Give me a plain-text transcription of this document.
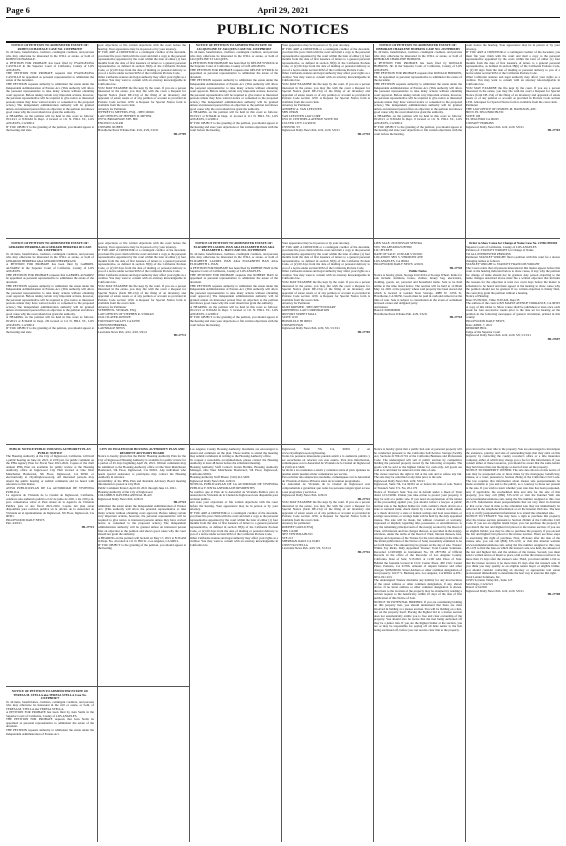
Page 6	April 29, 2021
PUBLIC NOTICES

NOTICE OF PETITION TO ADMINISTER ESTATE OF: RUBEN OCHAMALE CASE NO. 21STPB02947

To all heirs, beneficiaries, creditors, contingent creditors, and persons who may otherwise be interested in the WILL or estate, or both of RUBEN OCHAMALE.
A PETITION FOR PROBATE has been filed by EVANGELINA CASTILLO in the Superior Court of California, County of LOS ANGELES.
THE PETITION FOR PROBATE requests that EVANGELINA CASTILLO be appointed as personal representative to administer the estate of the decedent.
THE PETITION requests authority to administer the estate under the Independent Administration of Estates Act. (This authority will allow the personal representative to take many actions without obtaining court approval. Before taking certain very important actions, however, the personal representative will be required to give notice to interested persons unless they have waived notice or consented to the proposed action.) The independent administration authority will be granted unless an interested person files an objection to the petition and shows good cause why the court should not grant the authority.
A HEARING on the petition will be held in this court as follows: 05/14/21 at 8:30AM in Dept. 4 located at 111 N. HILL ST., LOS ANGELES, CA 90012
IF YOU OBJECT to the granting of the petition, you should appear at the hearing and state

your objections or file written objections with the court before the hearing. Your appearance may be in person or by your attorney.
IF YOU ARE A CREDITOR or a contingent creditor of the decedent, you must file your claim with the court and mail a copy to the personal representative appointed by the court within the later of either (1) four months from the date of first issuance of letters to a general personal representative, as defined in section 58(b) of the California Probate Code, or (2) 60 days from the date of mailing or personal delivery to you of a notice under section 9052 of the California Probate Code.
Other California statutes and legal authority may affect your rights as a creditor. You may want to consult with an attorney knowledgeable in California law.
YOU MAY EXAMINE the file kept by the court. If you are a person interested in the estate, you may file with the court a Request for Special Notice (form DE-154) of the filing of an inventory and appraisal of estate assets or of any petition or account as provided in Probate Code section 1250. A Request for Special Notice form is available from the court clerk.
Attorney for Petitioner
JEFFREY D. MEYERS, ESQ. - SBN 106021
LAW OFFICES OF JEFFREY D. MEYER
970 W. BROADWAY STE. 800
ENCINO CA 91436
CN954851 RUBEN
Hawthorne Press Tribune Pub. 4/22, 4/29, 5/6/21

HI-27709

NOTICE OF PETITION TO ADMINISTER ESTATE OF JACQUELINE ST JACQUES CASE NO. 21STPB03467

To all heirs, beneficiaries, creditors, contingent creditors, and persons who may otherwise be interested in the WILL or estate, or both of JACQUELINE ST JACQUES.
A PETITION FOR PROBATE has been filed by DELISE WYRICK in the Superior Court of California, County of LOS ANGELES.
THE PETITION FOR PROBATE requests that DELISE WYRICK be appointed as personal representative to administer the estate of the decedent.
THE PETITION requests authority to administer the estate under the Independent Administration of Estates Act. (This authority will allow the personal representative to take many actions without obtaining court approval. Before taking certain very important actions, however, the personal representative will be required to give notice to interested persons unless they have waived notice or consented to the proposed action.) The independent administration authority will be granted unless an interested person files an objection to the petition and shows good cause why the court should not grant the authority.
A HEARING on the petition will be held in this court as follows: 05/19/21 at 8:30AM in Dept. 11 located at 111 N. HILL ST., LOS ANGELES, CA 90012
IF YOU OBJECT to the granting of the petition, you should appear at the hearing and state your objections or file written objections with the court before the hearing.

Your appearance may be in person or by your attorney.
IF YOU ARE A CREDITOR or a contingent creditor of the decedent, you must file your claim with the court and mail a copy to the personal representative appointed by the court within the later of either (1) four months from the date of first issuance of letters to a general personal representative, as defined in section 58(b) of the California Probate Code, or (2) 60 days from the date of mailing or personal delivery to you of a notice under section 9052 of the California Probate Code.
Other California statutes and legal authority may affect your rights as a creditor. You may want to consult with an attorney knowledgeable in California law.
YOU MAY EXAMINE the file kept by the court. If you are a person interested in the estate, you may file with the court a Request for Special Notice (form DE-154) of the filing of an inventory and appraisal of estate assets or of any petition or account as provided in Probate Code section 1250. A Request for Special Notice form is available from the court clerk.
Attorney for Petitioner
ANDREW A. VAN LEEUWEN
SBN 183629
VAN LEEUWEN LAW CORP
6701 W. CENTINELA AVENUE SUITE 302
CULVER CITY CA 90230
CN955591 ST
Inglewood Daily News Pub. 4/22, 4/29, 5/6/21

HI-27710

NOTICE OF PETITION TO ADMINISTER ESTATE OF: DEBORAH CHARLENE HOPKINS CASE NO. 21STPB03495

To all heirs, beneficiaries, creditors, contingent creditors, and persons who may otherwise be interested in the WILL or estate, or both of DEBORAH CHARLENE HOPKINS.
A PETITION FOR PROBATE has been filed by RONALD HOPKINS, JR. in the Superior Court of California, County of LOS ANGELES.
THE PETITION FOR PROBATE requests that RONALD HOPKINS, JR. be appointed as personal representative to administer the estate of the decedent.
THE PETITION requests authority to administer the estate under the Independent Administration of Estates Act. (This authority will allow the personal representative to take many actions without obtaining court approval. Before taking certain very important actions, however, the personal representative will be required to give notice to interested persons unless they have waived notice or consented to the proposed action.) The independent administration authority will be granted unless an interested person files an objection to the petition and shows good cause why the court should not grant the authority.
A HEARING on the petition will be held in this court as follows: 05/20/21 at 8:30AM in Dept. 9 located at 111 N. HILL ST., LOS ANGELES, CA 90012
IF YOU OBJECT to the granting of the petition, you should appear at the hearing and state your objections or file written objections with the court before the hearing.

court before the hearing. Your appearance may be in person or by your attorney.
IF YOU ARE A CREDITOR or a contingent creditor of the decedent, you must file your claim with the court and mail a copy to the personal representative appointed by the court within the later of either (1) four months from the date of first issuance of letters to a general personal representative, as defined in section 58(b) of the California Probate Code, or (2) 60 days from the date of mailing or personal delivery to you of a notice under section 9052 of the California Probate Code.
Other California statutes and legal authority may affect your rights as a creditor. You may want to consult with an attorney knowledgeable in California law.
YOU MAY EXAMINE the file kept by the court. If you are a person interested in the estate, you may file with the court a Request for Special Notice (form DE-154) of the filing of an inventory and appraisal of estate assets or of any petition or account as provided in Probate Code section 1250. A Request for Special Notice form is available from the court clerk.
Petitioner
THE LAW OFFICE OF LEMUEL M. BANKSON, APC
800 N. EL SEGUNDO BLVD
SUITE 106
EL SEGUNDO CA 90245
CN954977 HOPKINS
Inglewood Daily News Pub. 4/22, 4/29, 5/6/21

HI-27703

NOTICE OF PETITION TO ADMINISTER ESTATE OF: GERARDO HERRERA AKA GERARD HERRERA III CASE NO. 21STPB03171

To all heirs, beneficiaries, creditors, contingent creditors, and persons who may otherwise be interested in the WILL or estate, or both of GERARDO HERRERA AKA GERARD HERRERA III.
A PETITION FOR PROBATE has been filed by GABRIEL ALVAREZ in the Superior Court of California, County of LOS ANGELES.
THE PETITION FOR PROBATE requests that GABRIEL ALVAREZ be appointed as personal representative to administer the estate of the decedent.
THE PETITION requests authority to administer the estate under the Independent Administration of Estates Act. (This authority will allow the personal representative to take many actions without obtaining court approval. Before taking certain very important actions, however, the personal representative will be required to give notice to interested persons unless they have waived notice or consented to the proposed action.) The independent administration authority will be granted unless an interested person files an objection to the petition and shows good cause why the court should not grant the authority.
A HEARING on the petition will be held in this court as follows: 05/20/21 at 8:30AM in Dept. 2D located at 111 N. HILL ST., LOS ANGELES, CA 90012
IF YOU OBJECT to the granting of the petition, you should appear at the hearing and state

your objections or file written objections with the court before the hearing. Your appearance may be in person or by your attorney.
IF YOU ARE A CREDITOR or a contingent creditor of the decedent, you must file your claim with the court and mail a copy to the personal representative appointed by the court within the later of either (1) four months from the date of first issuance of letters to a general personal representative, as defined in section 58(b) of the California Probate Code, or (2) 60 days from the date of mailing or personal delivery to you of a notice under section 9052 of the California Probate Code.
Other California statutes and legal authority may affect your rights as a creditor. You may want to consult with an attorney knowledgeable in California law.
YOU MAY EXAMINE the file kept by the court. If you are a person interested in the estate, you may file with the court a Request for Special Notice (form DE-154) of the filing of an inventory and appraisal of estate assets or of any petition or account as provided in Probate Code section 1250. A Request for Special Notice form is available from the court clerk.
Attorney for Petitioner
STEPHEN R. STORAN, ESQ.
LAW OFFICES OF STEPHEN R. STORAN
10221 SLATER AVENUE
FOUNTAIN VALLEY CA 92708
CN955768 HERRERA
LAWNDALE NEWS
Lawndale News Pub. 4/22, 4/29, 5/6/21

HI-27711

NOTICE OF PETITION TO ADMINISTER ESTATE OF: ELIZABETH LAUREL HAN AKA ELIZABETH HAN AKA ELIZABETH L. HAN CASE NO. 21STPB03470

To all heirs, beneficiaries, creditors, contingent creditors, and persons who may otherwise be interested in the WILL or estate, or both of ELIZABETH LAUREL HAN AKA ELIZABETH HAN AKA ELIZABETH L. HAN.
A PETITION FOR PROBATE has been filed by ROBERT HAN in the Superior Court of California, County of LOS ANGELES.
THE PETITION FOR PROBATE requests that ROBERT HAN be appointed as personal representative to administer the estate of the decedent.
THE PETITION requests authority to administer the estate under the Independent Administration of Estates Act. (This authority will allow the personal representative to take many actions without obtaining court approval.) The independent administration authority will be granted unless an interested person files an objection to the petition and shows good cause why the court should not grant the authority.
A HEARING on the petition will be held in this court as follows: 05/21/21 at 8:30AM in Dept. 5 located at 111 N. HILL ST., LOS ANGELES, CA 90012
IF YOU OBJECT to the granting of the petition, you should appear at the hearing and state your objections or file written objections with the court before the hearing.

Your appearance may be in person or by your attorney.
IF YOU ARE A CREDITOR or a contingent creditor of the decedent, you must file your claim with the court and mail a copy to the personal representative appointed by the court within the later of either (1) four months from the date of first issuance of letters to a general personal representative, as defined in section 58(b) of the California Probate Code, or (2) 60 days from the date of mailing or personal delivery to you of a notice under section 9052 of the California Probate Code.
Other California statutes and legal authority may affect your rights as a creditor. You may want to consult with an attorney knowledgeable in California law.
YOU MAY EXAMINE the file kept by the court. If you are a person interested in the estate, you may file with the court a Request for Special Notice (form DE-154) of the filing of an inventory and appraisal of estate assets or of any petition or account as provided in Probate Code section 1250. A Request for Special Notice form is available from the court clerk.
Attorney for Petitioner
KURT KREMER - SBN 298778 NOTARY
GREENHILL LAW CORPORATION
900 FORT STREET MALL
SUITE 1150
HONOLULU HI 96813
CN954970 HAN
Inglewood Daily News Pub. 4/29, 5/6, 5/13/21

HI-27705

LIEN SALE: 2016 NISSAN SENTRA
VIN: 3N1AB7AP6GY287990
LIC: 8FLE835
DATE OF SALE: 10:00 AM 5/10/2021
LOCATION: 5801 S. VERMONT AVE
LOS ANGELES, CA 90044
INGLEWOOD DAILY NEWS: 4/29/21

HI-27720

Public Notice

Notice is hereby given, Storage Unit #104 at Storage Wheel. Items for sale include: furniture, boxes, clothes, luxury bag, electronics, clothing, goods, art, personal and household items. Sale to be held online at the time listed below. The auction will be held at 11:00am May 14, 2021 at the property where said property has been stored and which is located at Golden State Storage, 4888 W. 147th St, Hawthorne, CA 90250. Goods must be paid in cash and removed at the time of sale. Sale is subject to cancellation in the event of settlement between owner and obligated party.
Auctioneer
Bond #: 0000000000
Hawthorne Press Tribune Pub. 4/29, 5/6/21

HI-27718

Order to Show Cause for Change of Name Case No. 21TRCP00104

Superior Court of California, County of LOS ANGELES
Petition of: STANLEY WRIGHT for Change of Name
TO ALL INTERESTED PERSONS:
Petitioner STANLEY WRIGHT filed a petition with this court for a decree changing names as follows:
STANLEY WRIGHT to STANLEY FRANCOIS WRIGHT
The Court orders that all persons interested in this matter appear before this court at the hearing indicated below to show cause, if any, why the petition for change of name should not be granted. Any person objecting to the name changes described above must file a written objection that includes the reasons for the objection at least two court days before the matter is scheduled to be heard and must appear at the hearing to show cause why the petition should not be granted. If no written objection is timely filed, the court may grant the petition without a hearing.
Notice of Hearing:
Date: 05/28/2021, Time: 8:30 AM, Dept: B
The address of the court is 825 MAPLE AVENUE TORRANCE, CA 90503
A copy of this Order to Show Cause shall be published at least once each week for four successive weeks prior to the date set for hearing on the petition in the following newspaper of general circulation, printed in this county:
INGLEWOOD DAILY NEWS
Date: APRIL 7, 2021
DEIRDRE HILL
Judge of the Superior Court
Inglewood Daily News Pub. 4/22, 4/29, 5/6, 5/13/21

HI-27697

PUBLIC NOTICE/PUBLIC HOUSING AUTHORITY PLAN PUBLIC NOTICE

The Housing Authority of the City of Inglewood, California, will hold a public hearing on June 22, 2021, at 2:00 p.m. for public comment on the PHA Agency Plan for Fiscal Year 2021-2022. Copies of the draft Annual PHA Plan are available for public review at the Housing Authority office in Inglewood City Hall located at One West Manchester Boulevard, 5th Floor, Inglewood, CA 90301 or electronically at cityofinglewood.org. All interested persons may attend the public hearing or submit comments and be heard with reference to this matter.
AVISO PUBLICO/PLAN DE LA AUTORIDAD DE VIVIENDA PUBLICA
La Agencia de Vivienda de la Ciudad de Inglewood, California, celebrara una audiencia publica el 22 de junio de 2021 a las 2:00 p.m. para comentarios sobre el Plan Anual de la Agencia de Vivienda Publica para el ano fiscal 2021-2022. Copias del plan estan disponibles para revision publica en la oficina de la Autoridad de Vivienda en el Ayuntamiento de Inglewood, 5th Floor, Inglewood, CA 90301.
INGLEWOOD DAILY NEWS
Pub. 4/29/21

HI-27721

CITY OF INGLEWOOD HOUSING AUTHORITY PLAN AND RESIDENT ADVISORY BOARD

Notice is hereby given that the Public Housing Authority Plan for the City of Inglewood Housing Authority is available for public review for a period of 45 days beginning April 29, 2021. Written comments may be submitted to the Housing Authority office at One West Manchester Boulevard, 5th Floor, Inglewood, CA 90301. Any individual who needs special assistance to participate may contact the Housing Authority in advance.
Availability of the PHA Plan and Resident Advisory Board meeting information is posted at City Hall.
Public Comment Period: April 29, 2021 through June 12, 2021.
Housing Authority of the City of Inglewood
COLUMBUS DAY/PHA ANNUAL PLAN
Inglewood Daily News Pub. 4/29/21

HI-27723

administer the estate under the Independent Administration of Estates Act. (This authority will allow the personal representative to take many actions without obtaining court approval. Before taking certain very important actions, however, the personal representative will be required to give notice to interested persons unless they have waived notice or consented to the proposed action.) The independent administration authority will be granted unless an interested person files an objection to the petition and shows good cause why the court should not grant the authority.
A HEARING on the petition will be held on May 17, 2021 at 8:30 AM in Dept. No. 4 located at 111 N. Hill St., Los Angeles, CA 90012.
IF YOU OBJECT to the granting of the petition, you should appear at the hearing

Los Angeles County Housing Authority. Residents are encouraged to attend and comment on the plan. Those unable to attend the meeting may submit comments in writing to the Housing Authority office.
To request a reasonable accommodation, please contact the Housing Authority at least 48 hours before the scheduled meeting.
Housing Authority Staff Contact: Karen Hollins, Housing Authority Manager, One West Manchester Boulevard, 5th Floor, Inglewood, California 90301.
Housing Authority Staff Phone: (310) 412-5400
Inglewood Daily News Pub. 4/29/21
NOTICIA PUBLICA/PLAN DE LA AUTORIDAD DE VIVIENDA PUBLICA Y JUNTA ASESORA DE RESIDENTES
Se notifica que el Plan de la Autoridad de Vivienda Publica para la Autoridad de Vivienda de la Ciudad de Inglewood esta disponible para revision publica.

and state your objections or file written objections with the court before the hearing. Your appearance may be in person or by your attorney.
IF YOU ARE A CREDITOR or a contingent creditor of the decedent, you must file your claim with the court and mail a copy to the personal representative appointed by the court within the later of either (1) four months from the date of first issuance of letters to a general personal representative, as defined in section 58(b) of the California Probate Code, or (2) 60 days from the date of mailing or personal delivery to you of a notice under section 9052 of the California Probate Code.
Other California statutes and legal authority may affect your rights as a creditor. You may want to consult with an attorney knowledgeable in California law.

Inglewood, Suite 7th, CA, 90301 y en www.cityofinglewood.org/housing.
Todas las personas interesadas pueden asistir a la audiencia publica y ser escuchadas en relacion con este asunto. Para mas informacion, comuniquese con la Autoridad de Vivienda de la Ciudad de Inglewood al (310) 412-5400.
Se invita a los residentes a asistir y comentar sobre el plan. Quienes no puedan asistir pueden enviar comentarios por escrito.
Para solicitar una adaptacion razonable, comuniquese con la Autoridad de Vivienda al menos 48 horas antes de la reunion programada.
La Autoridad de Vivienda de la Ciudad de Inglewood esta comprometida a garantizar que todas las personas tengan igual acceso a sus programas y servicios.
Inglewood Daily News Pub. 4/29/21

HI-27722

YOU MAY EXAMINE the file kept by the court. If you are a person interested in the estate, you may file with the court a Request for Special Notice (form DE-154) of the filing of an inventory and appraisal of estate assets or of any petition or account as provided in Probate Code section 1250. A Request for Special Notice form is available from the court clerk.
Attorney for petitioner:
RODNEY GOULD ESQ
SBN 112290
5857 VENTURA BLVD
STE 213
SHERMAN OAKS CA 91403
CN957744 STELLA
Lawndale News Pub. 4/29, 5/6, 5/13/21

HI-27716

Notice is hereby given that a public lien sale of personal property will be conducted pursuant to the California Self-Service Storage Facility Act, Sections 21700-21716 of the California Business and Professions Code. The undersigned will sell at public auction by competitive bidding the personal property stored by the following occupants. The goods will be sold to the highest bidder for cash only. All goods are sold as is and must be removed at the time of sale.
The owner reserves the right to bid at the sale and to refuse any bid. The sale may be cancelled at any time prior to the sale.
Inglewood Daily News Pub. 4/29, 5/6/21

Inglewood, Suite 7th, CA 90301 on or before the date of sale. Notice of Trustee's Sale: T.S. No. 20-1176
Notice of Trustee's Sale: You are in default under a Deed of Trust dated 12/12/2006. Unless you take action to protect your property, it may be sold at a public sale. If you need an explanation of the nature of the proceeding against you, you should contact a lawyer. A public auction sale to the highest bidder for cash, cashier's check drawn on a state or national bank, check drawn by a state or federal credit union, or a check drawn by a state or federal savings and loan association, or savings association, or savings bank will be held by the duly appointed trustee. The sale will be made, but without covenant or warranty, expressed or implied, regarding title, possession, or encumbrances, to pay the remaining principal sum of the note(s) secured by the Deed of Trust, with interest and late charges thereon, as provided in the note(s), advances, under the terms of the Deed of Trust, interest thereon, fees, charges and expenses of the Trustee for the total amount (at the time of the initial publication of the Notice of Sale) reasonably estimated to be set forth below. The amount may be greater on the day of sale. Trustor: Wilma Fay Ricks. Duly Appointed Trustee: Total Lender Solutions. Recorded 12/28/2006 as Instrument No. 06 2877282 of Official Records in the office of the Recorder of Los Angeles County, California. Date of Sale: 5/13/2021 at 11:00 AM. Place of Sale: Behind the fountain located in Civic Center Plaza, 400 Civic Center Plaza, Pomona, CA 91766. Amount of unpaid balance and other charges: $188,000.00. Street Address or other common designation of real property: 10217 S. Budlong Ave, Los Angeles, CA 90044. A.P.N.: 6051-021-013.
The undersigned Trustee disclaims any liability for any incorrectness of the street address or other common designation, if any, shown above. If no street address or other common designation is shown, directions to the location of the property may be obtained by sending a written request to the beneficiary within 10 days of the date of first publication of this Notice of Sale.
NOTICE TO POTENTIAL BIDDERS: If you are considering bidding on this property lien, you should understand that there are risks involved in bidding at a trustee auction. You will be bidding on a lien, not on the property itself. Placing the highest bid at a trustee auction does not automatically entitle you to free and clear ownership of the property. You should also be aware that the lien being auctioned off may be a junior lien. If you are the highest bidder at the auction, you are or may be responsible for paying off all liens senior to the lien being auctioned off, before you can receive clear title to the property.

you can receive clear title to the property. You are encouraged to investigate the existence, priority, and size of outstanding liens that may exist on this property by contacting the county recorder's office or a title insurance company, either of which may charge you a fee for this information. If you consult either of these resources, you should be aware that the same lender may hold more than one mortgage or deed of trust on the property.
NOTICE TO PROPERTY OWNER: The sale date shown on this notice of sale may be postponed one or more times by the mortgagee, beneficiary, trustee, or a court, pursuant to Section 2924g of the California Civil Code. The law requires that information about trustee sale postponements be made available to you and to the public, as a courtesy to those not present at the sale. If you wish to learn whether your sale date has been postponed, and, if applicable, the rescheduled time and date for the sale of this property, you may call (866) 535-1210 or visit the Internet Web site www.totallendersolutions.com, using the file number assigned to this case 20-1176. Information about postponements that are very short in duration or that occur close in time to the scheduled sale may not immediately be reflected in the telephone information or on the Internet Web site. The best way to verify postponement information is to attend the scheduled sale.
NOTICE TO TENANT: You may have a right to purchase this property after the trustee auction pursuant to Section 2924m of the California Civil Code. If you are an eligible tenant buyer, you can purchase the property if you match the last and highest bid placed at the trustee auction. If you are an eligible bidder, you may be able to purchase the property if you exceed the last and highest bid placed at the trustee auction. There are three steps to exercising this right of purchase. First, 48 hours after the date of the trustee sale, you can call (866) 535-1210, or visit this internet website www.totallendersolutions.com, using the file number assigned to this case 20-1176 to find the date on which the trustee's sale was held, the amount of the last and highest bid, and the address of the trustee. Second, you must send a written notice of intent to place a bid so that the trustee receives it no more than 15 days after the trustee's sale. Third, you must submit a bid so that the trustee receives it no more than 45 days after the trustee's sale. If you think you may qualify as an eligible tenant buyer or eligible bidder, you should consider contacting an attorney or appropriate real estate professional immediately to determine the best way to exercise this right.
Total Lender Solutions, Inc.
10505 Sorrento Valley Rd., Suite 125
San Diego, CA 92121
Dated: 4/14/2021
Inglewood Daily News Pub. 4/22, 4/29, 5/6/21

HI-27708

NOTICE OF PETITION TO ADMINISTER ESTATE OF TERESA M. STELLA aka TERESA STELLA Case No. 21STPB03677

To all heirs, beneficiaries, creditors, contingent creditors, and persons who may otherwise be interested in the will or estate, or both, of TERESA M. STELLA aka TERESA STELLA.
A PETITION FOR PROBATE has been filed by Jean Stella in the Superior Court of California, County of LOS ANGELES.
THE PETITION FOR PROBATE requests that Jean Stella be appointed as personal representative to administer the estate of the decedent.
THE PETITION requests authority to administer the estate under the Independent Administration of Estates Act.
